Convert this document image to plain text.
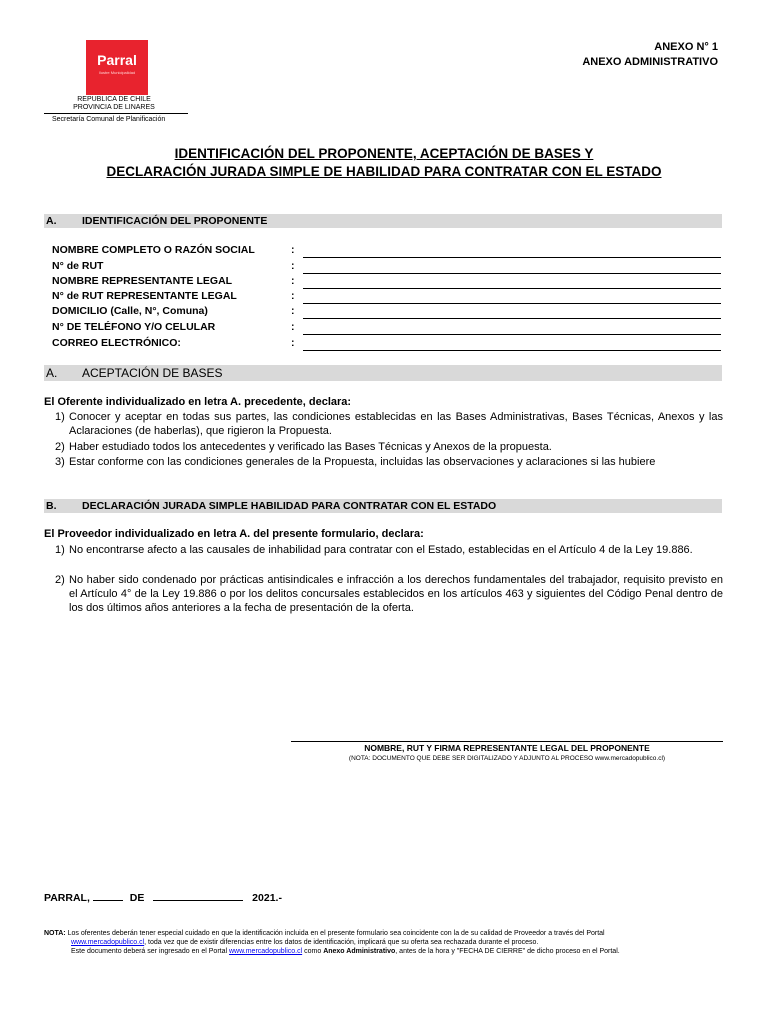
Parral
Ilustre Municipalidad
REPUBLICA DE CHILE
PROVINCIA DE LINARES
Secretaría Comunal de Planificación
ANEXO N° 1
ANEXO ADMINISTRATIVO
IDENTIFICACIÓN DEL PROPONENTE, ACEPTACIÓN DE BASES Y
DECLARACIÓN JURADA SIMPLE DE HABILIDAD PARA CONTRATAR CON EL ESTADO
A. IDENTIFICACIÓN DEL PROPONENTE
NOMBRE COMPLETO O RAZÓN SOCIAL	:
N° de RUT	:
NOMBRE REPRESENTANTE LEGAL	:
N° de RUT REPRESENTANTE LEGAL	:
DOMICILIO (Calle, N°, Comuna)	:
N° DE TELÉFONO Y/O CELULAR	:
CORREO ELECTRÓNICO:	:
A. ACEPTACIÓN DE BASES
El Oferente individualizado en letra A. precedente, declara:
1) Conocer y aceptar en todas sus partes, las condiciones establecidas en las Bases Administrativas, Bases Técnicas, Anexos y las Aclaraciones (de haberlas), que rigieron la Propuesta.
2) Haber estudiado todos los antecedentes y verificado las Bases Técnicas y Anexos de la propuesta.
3) Estar conforme con las condiciones generales de la Propuesta, incluidas las observaciones y aclaraciones si las hubiere
B. DECLARACIÓN JURADA SIMPLE HABILIDAD PARA CONTRATAR CON EL ESTADO
El Proveedor individualizado en letra A. del presente formulario, declara:
1) No encontrarse afecto a las causales de inhabilidad para contratar con el Estado, establecidas en el Artículo 4 de la Ley 19.886.
2) No haber sido condenado por prácticas antisindicales e infracción a los derechos fundamentales del trabajador, requisito previsto en el Artículo 4° de la Ley 19.886 o por los delitos concursales establecidos en los artículos 463 y siguientes del Código Penal dentro de los dos últimos años anteriores a la fecha de presentación de la oferta.
NOMBRE, RUT Y FIRMA REPRESENTANTE LEGAL DEL PROPONENTE
(NOTA: DOCUMENTO QUE DEBE SER DIGITALIZADO Y ADJUNTO AL PROCESO www.mercadopublico.cl)
PARRAL,	DE	2021.-
NOTA: Los oferentes deberán tener especial cuidado en que la identificación incluida en el presente formulario sea coincidente con la de su calidad de Proveedor a través del Portal
www.mercadopublico.cl, toda vez que de existir diferencias entre los datos de identificación, implicará que su oferta sea rechazada durante el proceso.
Este documento deberá ser ingresado en el Portal www.mercadopublico.cl como Anexo Administrativo, antes de la hora y "FECHA DE CIERRE" de dicho proceso en el Portal.
